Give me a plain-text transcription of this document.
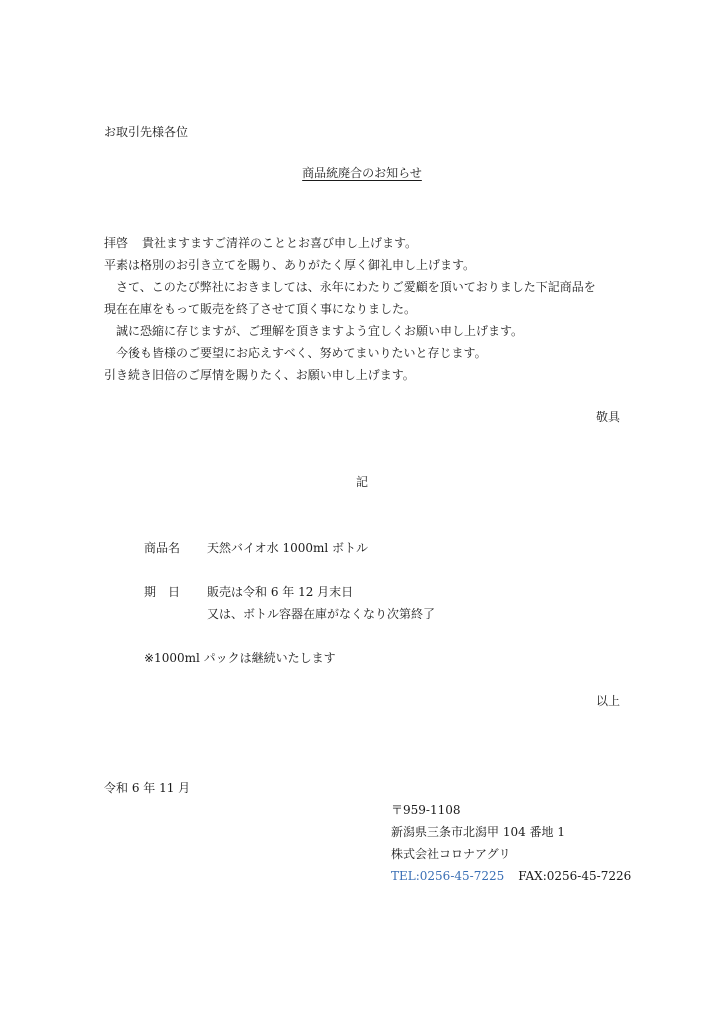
お取引先様各位
商品統廃合のお知らせ
拝啓 貴社ますますご清祥のこととお喜び申し上げます。
平素は格別のお引き立てを賜り、ありがたく厚く御礼申し上げます。
さて、このたび弊社におきましては、永年にわたりご愛顧を頂いておりました下記商品を
現在在庫をもって販売を終了させて頂く事になりました。
誠に恐縮に存じますが、ご理解を頂きますよう宜しくお願い申し上げます。
今後も皆様のご要望にお応えすべく、努めてまいりたいと存じます。
引き続き旧倍のご厚情を賜りたく、お願い申し上げます。
敬具
記
商品名 天然バイオ水 1000ml ボトル
期　日 販売は令和 6 年 12 月末日
又は、ボトル容器在庫がなくなり次第終了
※1000ml パックは継続いたします
以上
令和 6 年 11 月
〒959-1108
新潟県三条市北潟甲 104 番地 1
株式会社コロナアグリ
TEL:0256-45-7225 FAX:0256-45-7226
